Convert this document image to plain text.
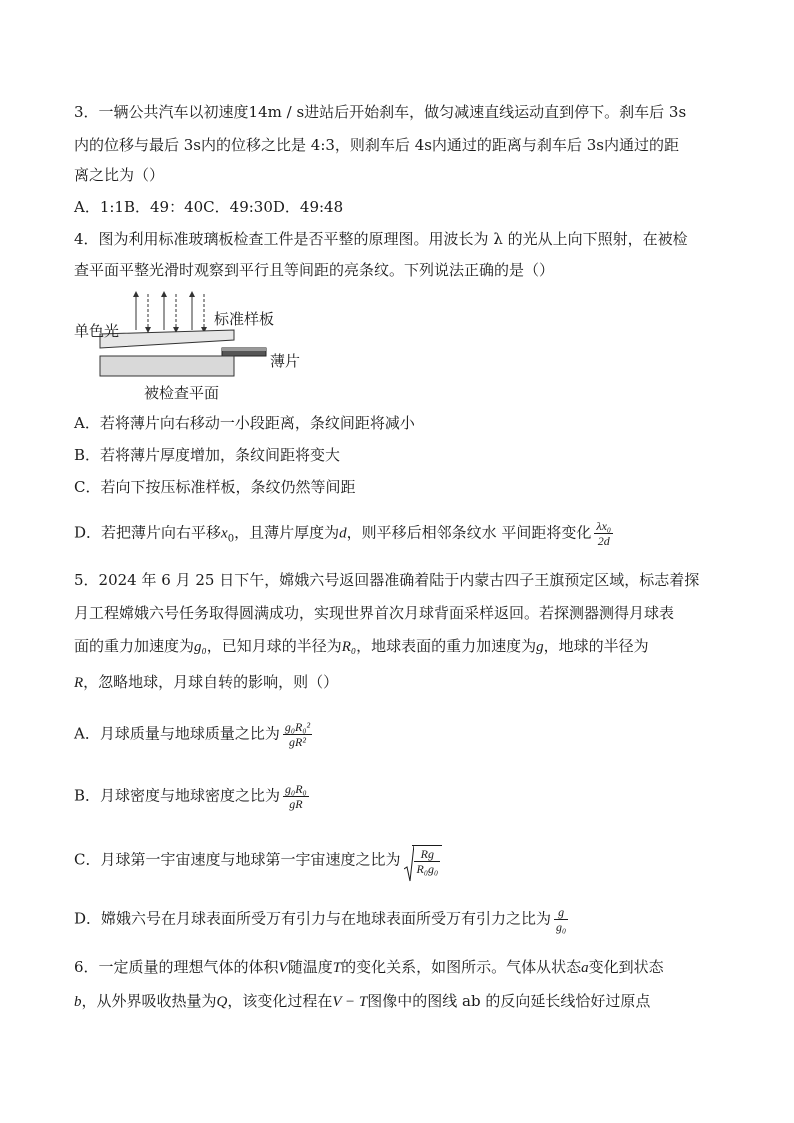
3．一辆公共汽车以初速度14m / s进站后开始刹车，做匀减速直线运动直到停下。刹车后 3s
内的位移与最后 3s内的位移之比是 4:3，则刹车后 4s内通过的距离与刹车后 3s内通过的距
离之比为（）
A．1:1B．49：40C．49:30D．49:48
4．图为利用标准玻璃板检查工件是否平整的原理图。用波长为 λ 的光从上向下照射，在被检
查平面平整光滑时观察到平行且等间距的亮条纹。下列说法正确的是（）
单色光
标准样板
薄片
被检查平面
A．若将薄片向右移动一小段距离，条纹间距将减小
B．若将薄片厚度增加，条纹间距将变大
C．若向下按压标准样板，条纹仍然等间距
D．若把薄片向右平移$x_0$，且薄片厚度为d，则平移后相邻条纹水 平间距将变化 $\frac{\text{λx₀}}{2d}$
5．2024 年 6 月 25 日下午，嫦娥六号返回器准确着陆于内蒙古四子王旗预定区域，标志着探
月工程嫦娥六号任务取得圆满成功，实现世界首次月球背面采样返回。若探测器测得月球表
面的重力加速度为g₀，已知月球的半径为R₀，地球表面的重力加速度为g，地球的半径为
R，忽略地球，月球自转的影响，则（）
A．月球质量与地球质量之比为 $\frac{\text{g₀R₀²}}{\text{gR²}}$
B．月球密度与地球密度之比为 $\frac{\text{g₀R₀}}{gR}$
C．月球第一宇宙速度与地球第一宇宙速度之比为 $\frac{Rg}{\text{R₀g₀}}$
D．嫦娥六号在月球表面所受万有引力与在地球表面所受万有引力之比为 $\frac{g}{\text{g₀}}$
6．一定质量的理想气体的体积V随温度T的变化关系，如图所示。气体从状态a变化到状态
b，从外界吸收热量为Q，该变化过程在V − T图像中的图线 ab 的反向延长线恰好过原点
